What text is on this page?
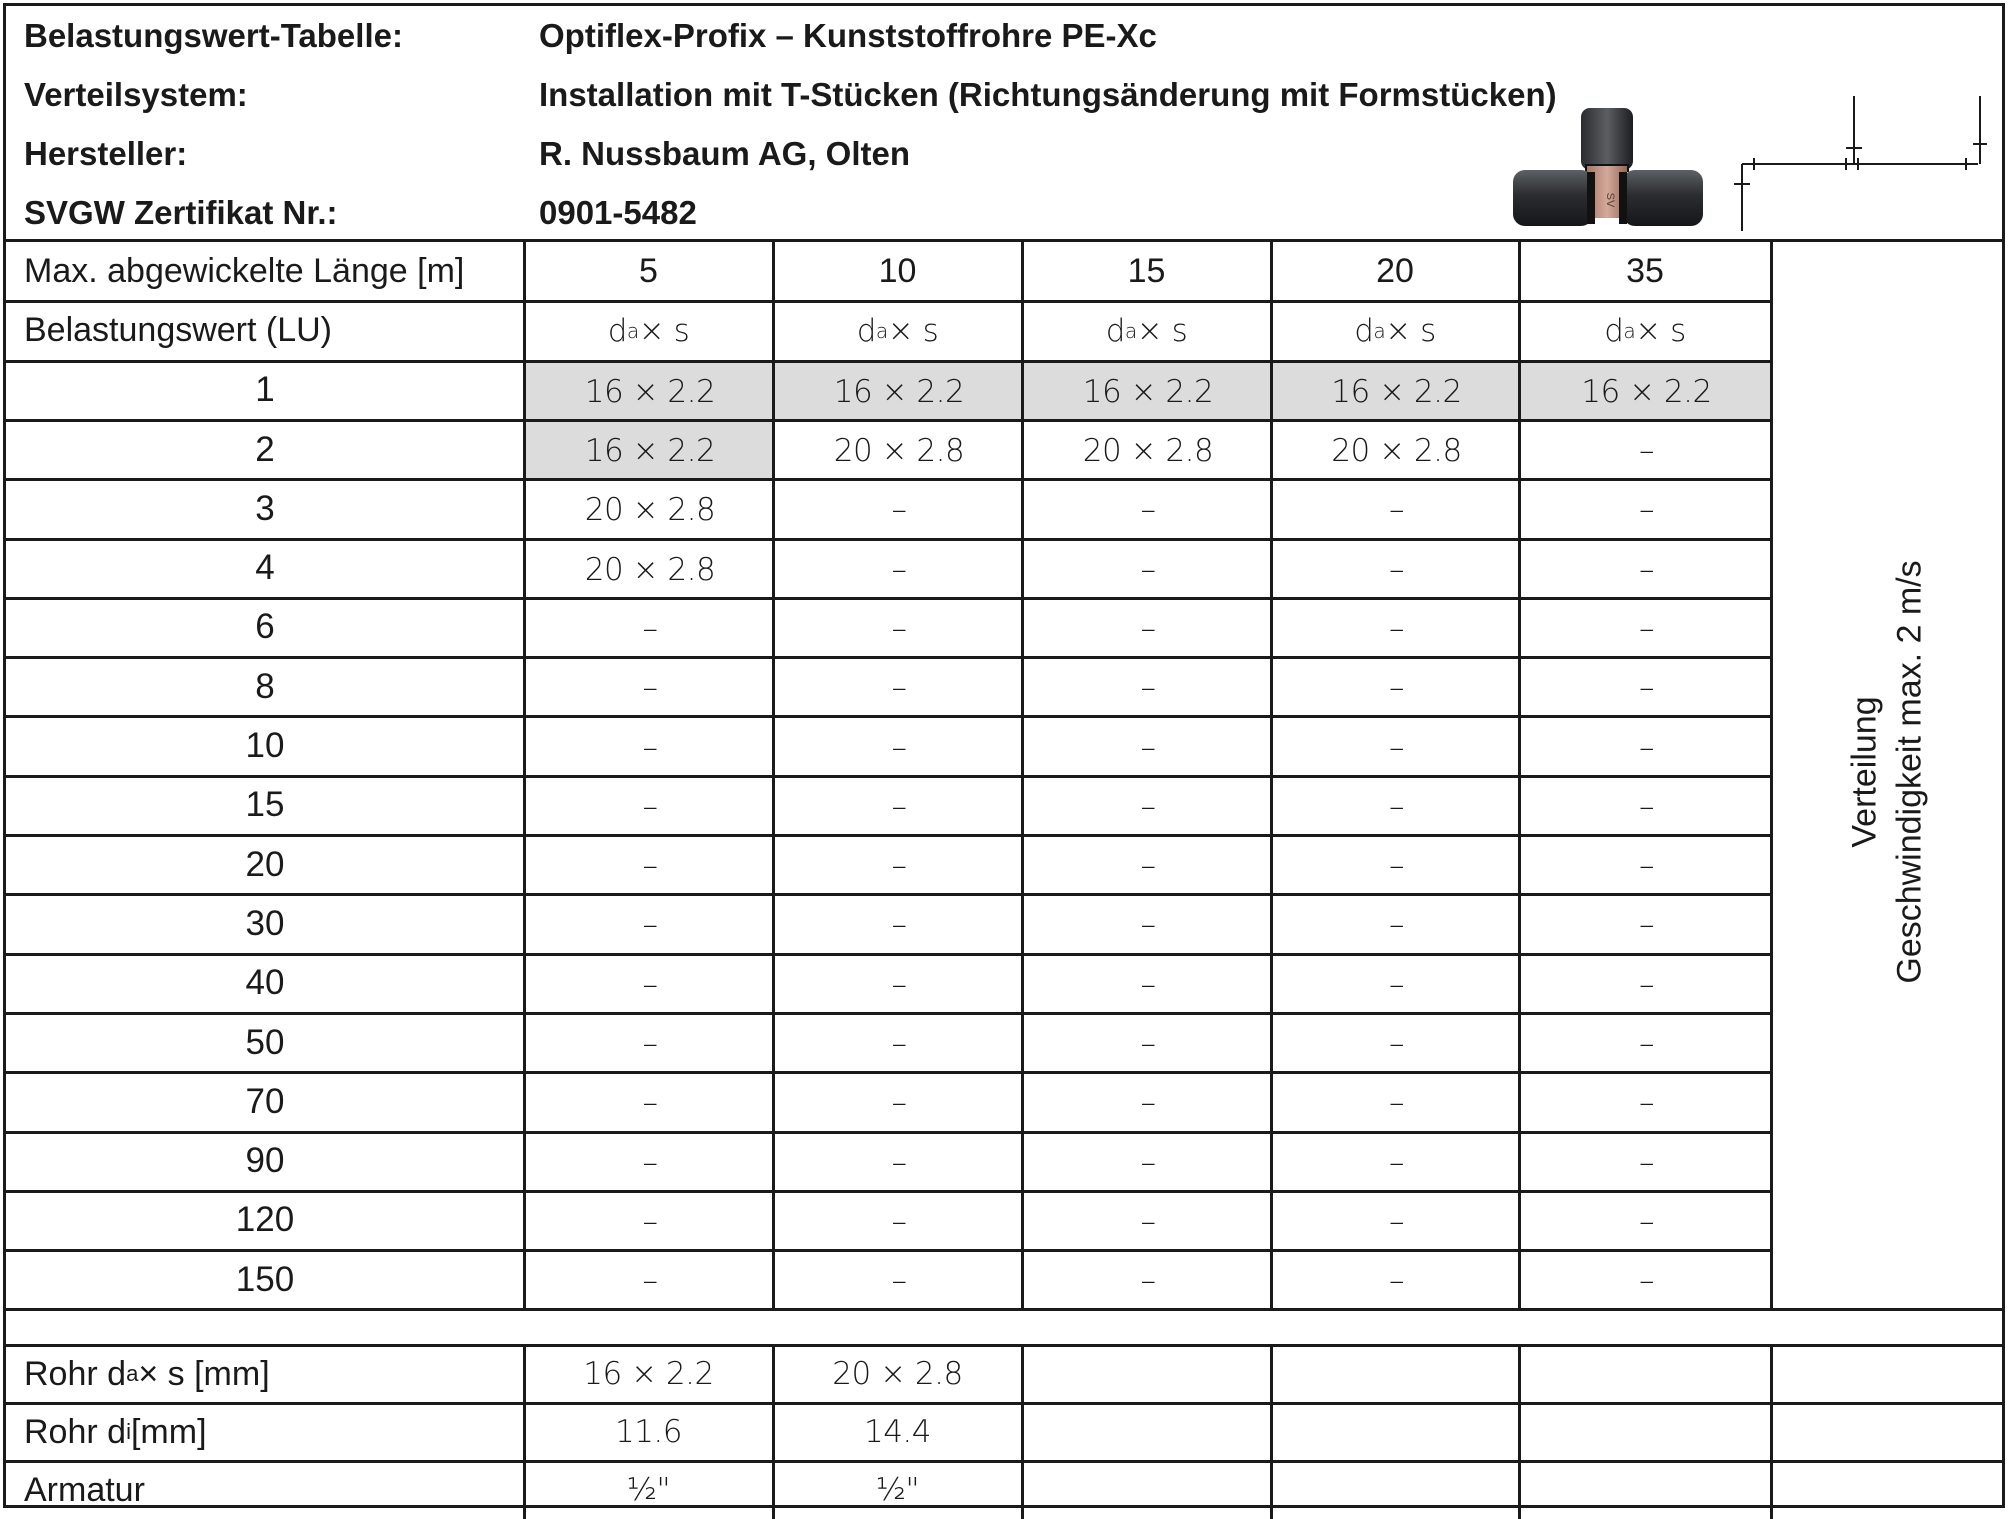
Belastungswert-Tabelle:	Optiflex-Profix – Kunststoffrohre PE-Xc
Verteilsystem:	Installation mit T-Stücken (Richtungsänderung mit Formstücken)
Hersteller:	R. Nussbaum AG, Olten
SVGW Zertifikat Nr.:	0901-5482	SV
Verteilung Geschwindigkeit max. 2 m/s
Max. abgewickelte Länge [m]	5	10	15	20	35
Belastungswert (LU)	d a × s	d a × s	d a × s	d a × s	d a × s
1	16 × 2.2	16 × 2.2	16 × 2.2	16 × 2.2	16 × 2.2
2	16 × 2.2	20 × 2.8	20 × 2.8	20 × 2.8	–
3	20 × 2.8	–	–	–	–
4	20 × 2.8	–	–	–	–
6	–	–	–	–	–
8	–	–	–	–	–
10	–	–	–	–	–
15	–	–	–	–	–
20	–	–	–	–	–
30	–	–	–	–	–
40	–	–	–	–	–
50	–	–	–	–	–
70	–	–	–	–	–
90	–	–	–	–	–
120	–	–	–	–	–
150	–	–	–	–	–
Rohr d a × s [mm]	16 × 2.2	20 × 2.8
Rohr d i [mm]	11.6	14.4
Armatur	½"	½"
